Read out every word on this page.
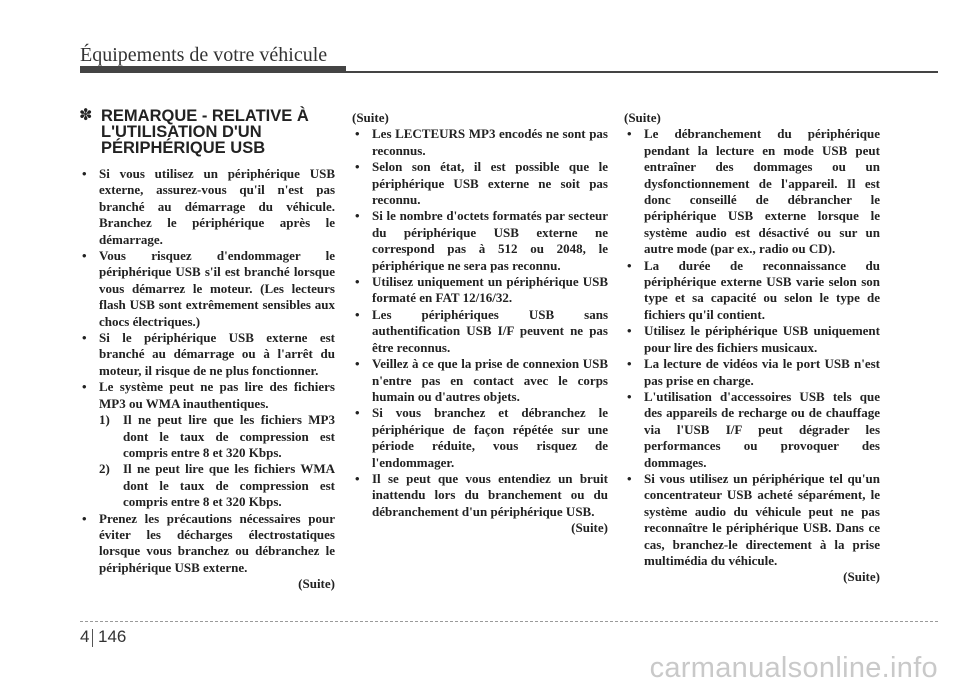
Équipements de votre véhicule
✽ REMARQUE - RELATIVE À
L'UTILISATION D'UN
PÉRIPHÉRIQUE USB
• Si vous utilisez un périphérique USB externe, assurez-vous qu'il n'est pas branché au démarrage du véhicule. Branchez le périphérique après le démarrage.
• Vous risquez d'endommager le périphérique USB s'il est branché lorsque vous démarrez le moteur. (Les lecteurs flash USB sont extrêmement sensibles aux chocs électriques.)
• Si le périphérique USB externe est branché au démarrage ou à l'arrêt du moteur, il risque de ne plus fonctionner.
• Le système peut ne pas lire des fichiers MP3 ou WMA inauthentiques.
1) Il ne peut lire que les fichiers MP3 dont le taux de compression est compris entre 8 et 320 Kbps.
2) Il ne peut lire que les fichiers WMA dont le taux de compression est compris entre 8 et 320 Kbps.
• Prenez les précautions nécessaires pour éviter les décharges électrostatiques lorsque vous branchez ou débranchez le périphérique USB externe.
(Suite)
(Suite)
• Les LECTEURS MP3 encodés ne sont pas reconnus.
• Selon son état, il est possible que le périphérique USB externe ne soit pas reconnu.
• Si le nombre d'octets formatés par secteur du périphérique USB externe ne correspond pas à 512 ou 2048, le périphérique ne sera pas reconnu.
• Utilisez uniquement un périphérique USB formaté en FAT 12/16/32.
• Les périphériques USB sans authentification USB I/F peuvent ne pas être reconnus.
• Veillez à ce que la prise de connexion USB n'entre pas en contact avec le corps humain ou d'autres objets.
• Si vous branchez et débranchez le périphérique de façon répétée sur une période réduite, vous risquez de l'endommager.
• Il se peut que vous entendiez un bruit inattendu lors du branchement ou du débranchement d'un périphérique USB.
(Suite)
(Suite)
• Le débranchement du périphérique pendant la lecture en mode USB peut entraîner des dommages ou un dysfonctionnement de l'appareil. Il est donc conseillé de débrancher le périphérique USB externe lorsque le système audio est désactivé ou sur un autre mode (par ex., radio ou CD).
• La durée de reconnaissance du périphérique externe USB varie selon son type et sa capacité ou selon le type de fichiers qu'il contient.
• Utilisez le périphérique USB uniquement pour lire des fichiers musicaux.
• La lecture de vidéos via le port USB n'est pas prise en charge.
• L'utilisation d'accessoires USB tels que des appareils de recharge ou de chauffage via l'USB I/F peut dégrader les performances ou provoquer des dommages.
• Si vous utilisez un périphérique tel qu'un concentrateur USB acheté séparément, le système audio du véhicule peut ne pas reconnaître le périphérique USB. Dans ce cas, branchez-le directement à la prise multimédia du véhicule.
(Suite)
4 146
carmanualsonline.info
